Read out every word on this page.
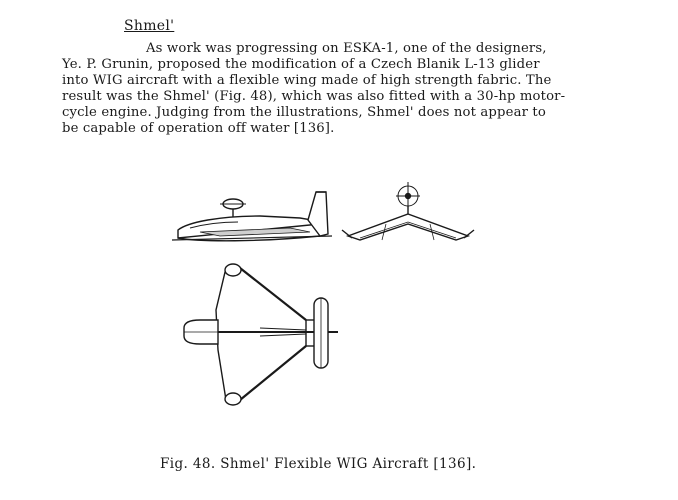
Shmel'
As work was progressing on ESKA-1, one of the designers,
Ye. P. Grunin, proposed the modification of a Czech Blanik L-13 glider
into WIG aircraft with a flexible wing made of high strength fabric. The
result was the Shmel' (Fig. 48), which was also fitted with a 30-hp motor-
cycle engine. Judging from the illustrations, Shmel' does not appear to
be capable of operation off water [136].
Fig. 48. Shmel' Flexible WIG Aircraft [136].
